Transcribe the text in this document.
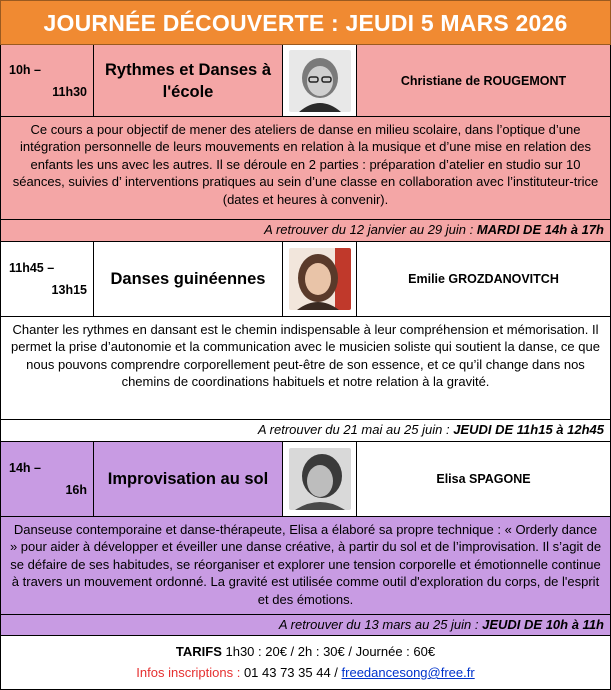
JOURNÉE DÉCOUVERTE : JEUDI 5 MARS 2026
10h –
11h30
Rythmes et Danses à l'école
Christiane de ROUGEMONT
Ce cours a pour objectif de mener des ateliers de danse en milieu scolaire, dans l’optique d’une intégration personnelle de leurs mouvements en relation à la musique et d’une mise en relation des enfants les uns avec les autres. Il se déroule en 2 parties : préparation d’atelier en studio sur 10 séances, suivies d’ interventions pratiques au sein d’une classe en collaboration avec l’instituteur-trice (dates et heures à convenir).
A retrouver du 12 janvier au 29 juin : MARDI DE 14h à 17h
11h45 –
13h15
Danses guinéennes	Emilie GROZDANOVITCH
Chanter les rythmes en dansant est le chemin indispensable à leur compréhension et mémorisation. Il permet la prise d’autonomie et la communication avec le musicien soliste qui soutient la danse, ce que nous pouvons comprendre corporellement peut-être de son essence, et ce qu’il change dans nos chemins de coordinations habituels et notre relation à la gravité.
A retrouver du 21 mai au 25 juin : JEUDI DE 11h15 à 12h45
14h –
16h
Improvisation au sol	Elisa SPAGONE
Danseuse contemporaine et danse-thérapeute, Elisa a élaboré sa propre technique : « Orderly dance » pour aider à développer et éveiller une danse créative, à partir du sol et de l’improvisation. Il s’agit de se défaire de ses habitudes, se réorganiser et explorer une tension corporelle et émotionnelle continue à travers un mouvement ordonné. La gravité est utilisée comme outil d'exploration du corps, de l'esprit et des émotions.
A retrouver du 13 mars au 25 juin : JEUDI DE 10h à 11h
TARIFS 1h30 : 20€ / 2h : 30€ / Journée : 60€
Infos inscriptions : 01 43 73 35 44 / freedancesong@free.fr
